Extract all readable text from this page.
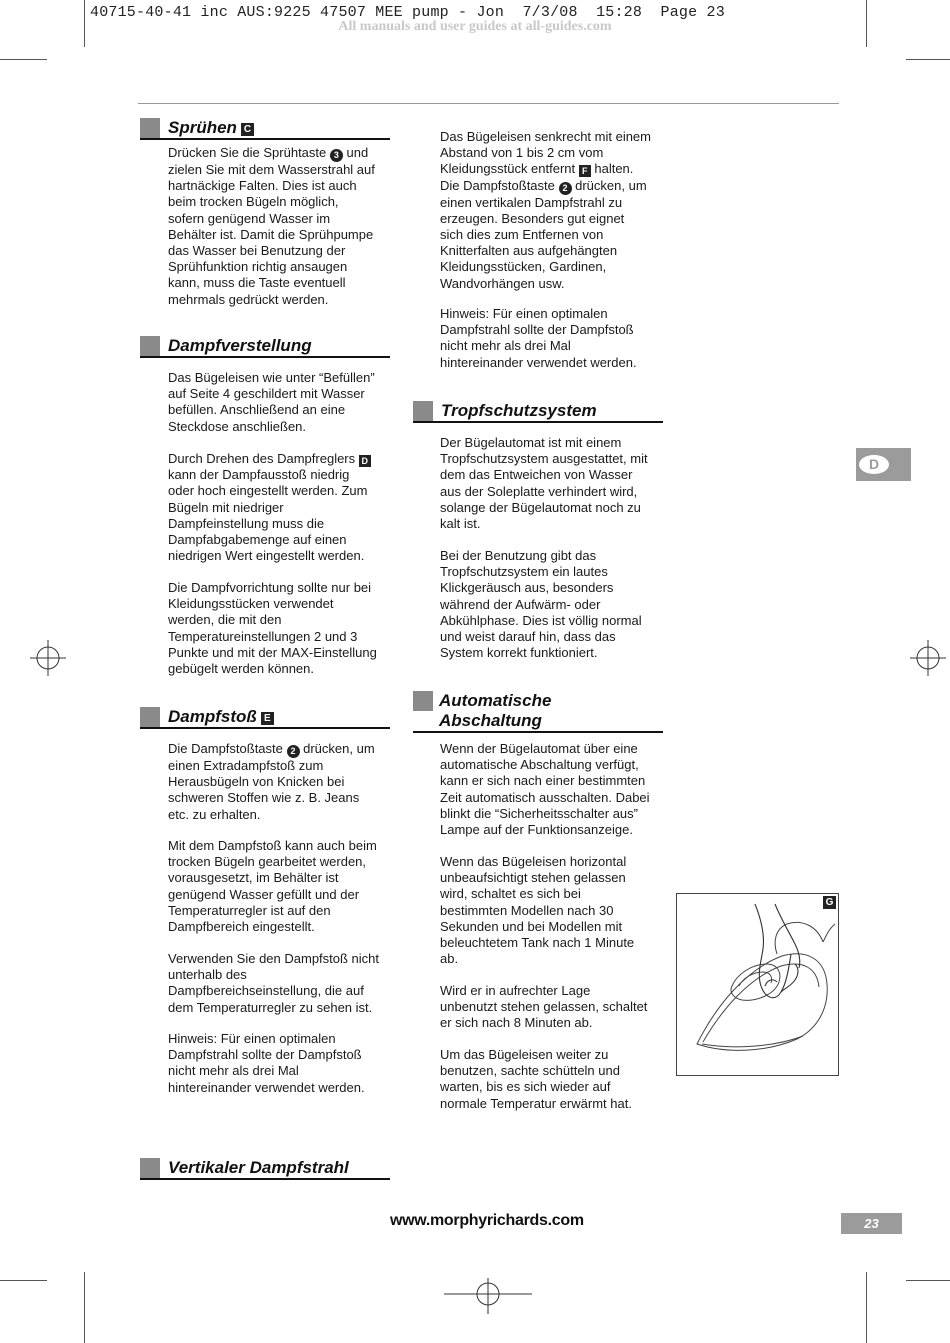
40715-40-41 inc AUS:9225 47507 MEE pump - Jon  7/3/08  15:28  Page 23
All manuals and user guides at all-guides.com
Sprühen C

Drücken Sie die Sprühtaste 3 und
zielen Sie mit dem Wasserstrahl auf
hartnäckige Falten. Dies ist auch
beim trocken Bügeln möglich,
sofern genügend Wasser im
Behälter ist. Damit die Sprühpumpe
das Wasser bei Benutzung der
Sprühfunktion richtig ansaugen
kann, muss die Taste eventuell
mehrmals gedrückt werden.

Dampfverstellung

Das Bügeleisen wie unter “Befüllen”
auf Seite 4 geschildert mit Wasser
befüllen. Anschließend an eine
Steckdose anschließen.

Durch Drehen des Dampfreglers D
kann der Dampfausstoß niedrig
oder hoch eingestellt werden. Zum
Bügeln mit niedriger
Dampfeinstellung muss die
Dampfabgabemenge auf einen
niedrigen Wert eingestellt werden.

Die Dampfvorrichtung sollte nur bei
Kleidungsstücken verwendet
werden, die mit den
Temperatureinstellungen 2 und 3
Punkte und mit der MAX-Einstellung
gebügelt werden können.

Dampfstoß E

Die Dampfstoßtaste 2 drücken, um
einen Extradampfstoß zum
Herausbügeln von Knicken bei
schweren Stoffen wie z. B. Jeans
etc. zu erhalten.

Mit dem Dampfstoß kann auch beim
trocken Bügeln gearbeitet werden,
vorausgesetzt, im Behälter ist
genügend Wasser gefüllt und der
Temperaturregler ist auf den
Dampfbereich eingestellt.

Verwenden Sie den Dampfstoß nicht
unterhalb des
Dampfbereichseinstellung, die auf
dem Temperaturregler zu sehen ist.

Hinweis: Für einen optimalen
Dampfstrahl sollte der Dampfstoß
nicht mehr als drei Mal
hintereinander verwendet werden.

Vertikaler Dampfstrahl

Das Bügeleisen senkrecht mit einem
Abstand von 1 bis 2 cm vom
Kleidungsstück entfernt F halten.
Die Dampfstoßtaste 2 drücken, um
einen vertikalen Dampfstrahl zu
erzeugen. Besonders gut eignet
sich dies zum Entfernen von
Knitterfalten aus aufgehängten
Kleidungsstücken, Gardinen,
Wandvorhängen usw.

Hinweis: Für einen optimalen
Dampfstrahl sollte der Dampfstoß
nicht mehr als drei Mal
hintereinander verwendet werden.

Tropfschutzsystem

Der Bügelautomat ist mit einem
Tropfschutzsystem ausgestattet, mit
dem das Entweichen von Wasser
aus der Soleplatte verhindert wird,
solange der Bügelautomat noch zu
kalt ist.

Bei der Benutzung gibt das
Tropfschutzsystem ein lautes
Klickgeräusch aus, besonders
während der Aufwärm- oder
Abkühlphase. Dies ist völlig normal
und weist darauf hin, dass das
System korrekt funktioniert.

Automatische
Abschaltung

Wenn der Bügelautomat über eine
automatische Abschaltung verfügt,
kann er sich nach einer bestimmten
Zeit automatisch ausschalten. Dabei
blinkt die “Sicherheitsschalter aus”
Lampe auf der Funktionsanzeige.

Wenn das Bügeleisen horizontal
unbeaufsichtigt stehen gelassen
wird, schaltet es sich bei
bestimmten Modellen nach 30
Sekunden und bei Modellen mit
beleuchtetem Tank nach 1 Minute
ab.

Wird er in aufrechter Lage
unbenutzt stehen gelassen, schaltet
er sich nach 8 Minuten ab.

Um das Bügeleisen weiter zu
benutzen, sachte schütteln und
warten, bis es sich wieder auf
normale Temperatur erwärmt hat.

D
G
www.morphyrichards.com	23
